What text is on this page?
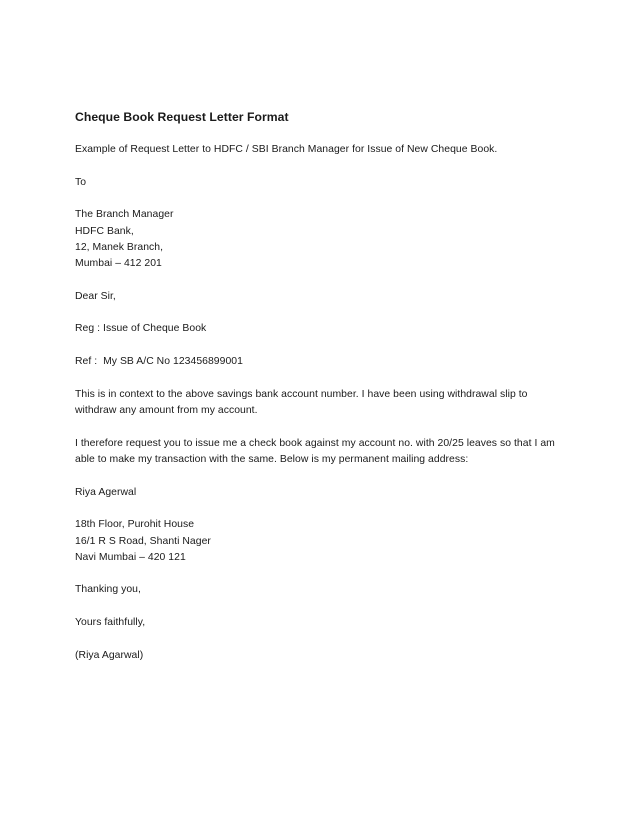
Cheque Book Request Letter Format
Example of Request Letter to HDFC / SBI Branch Manager for Issue of New Cheque Book.
To
The Branch Manager
HDFC Bank,
12, Manek Branch,
Mumbai – 412 201
Dear Sir,
Reg : Issue of Cheque Book
Ref :  My SB A/C No 123456899001
This is in context to the above savings bank account number. I have been using withdrawal slip to
withdraw any amount from my account.
I therefore request you to issue me a check book against my account no. with 20/25 leaves so that I am
able to make my transaction with the same. Below is my permanent mailing address:
Riya Agerwal
18th Floor, Purohit House
16/1 R S Road, Shanti Nager
Navi Mumbai – 420 121
Thanking you,
Yours faithfully,
(Riya Agarwal)
